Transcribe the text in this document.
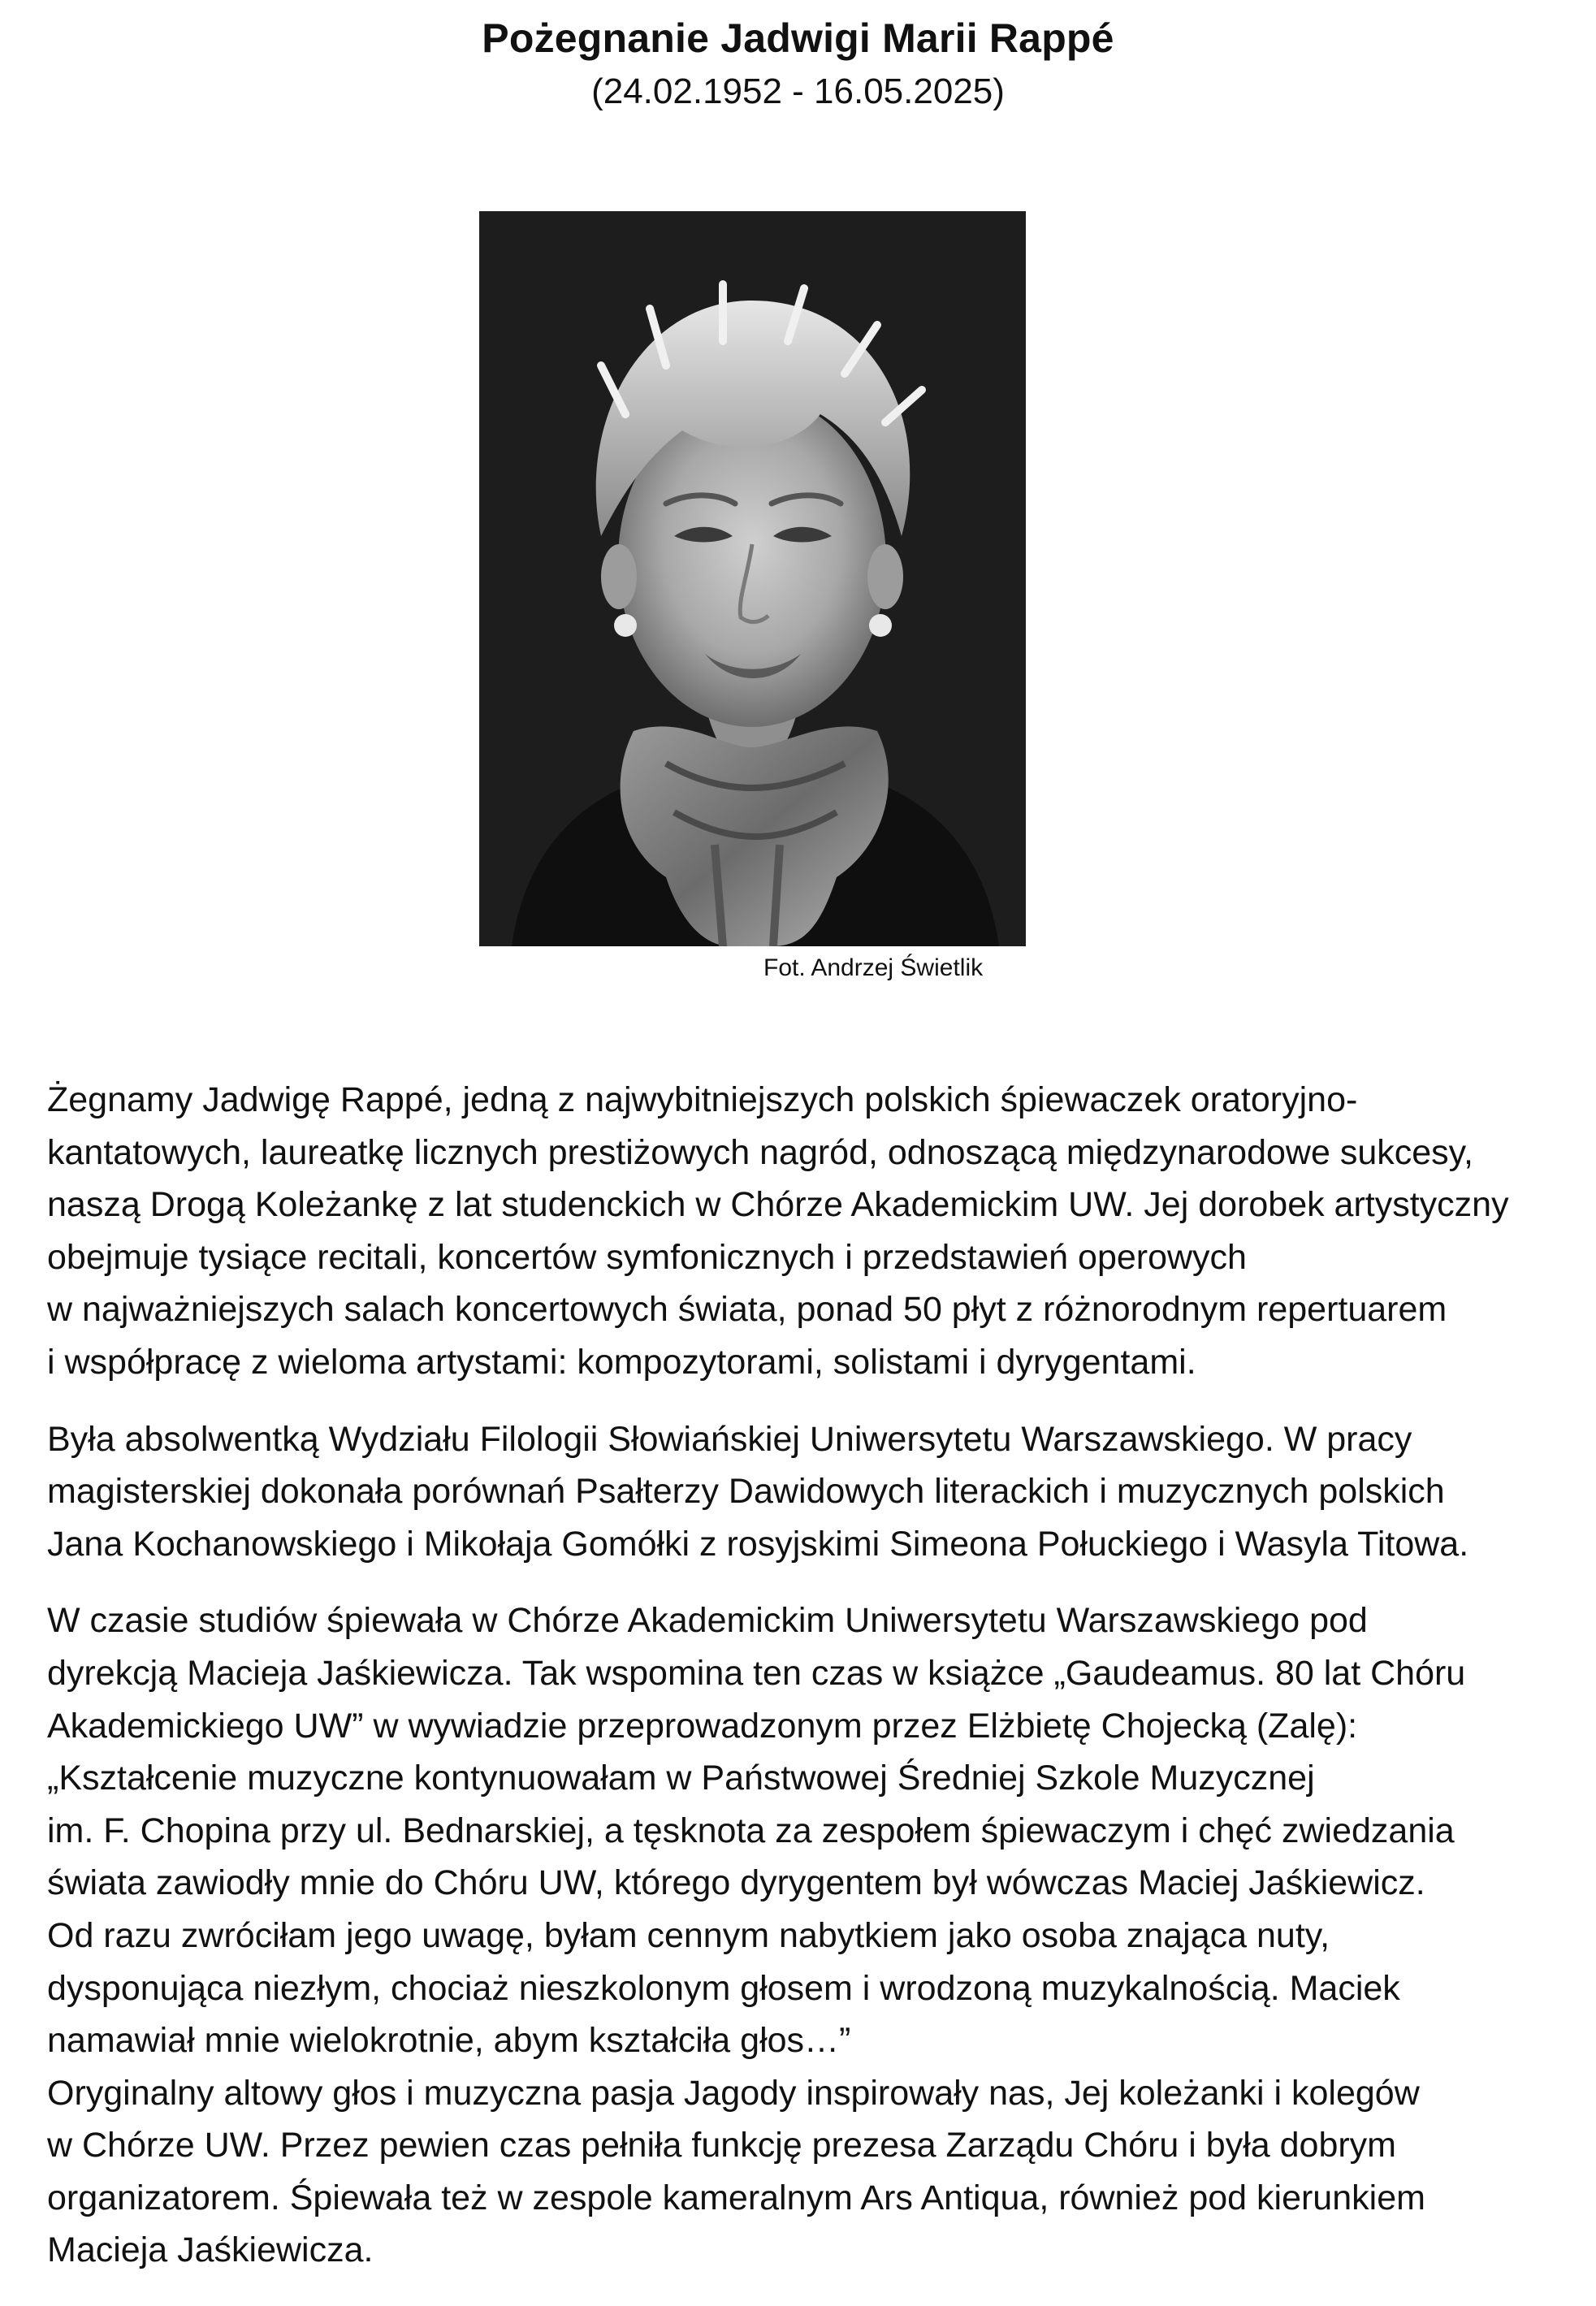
Pożegnanie Jadwigi Marii Rappé
(24.02.1952 - 16.05.2025)
Fot. Andrzej Świetlik

Żegnamy Jadwigę Rappé, jedną z najwybitniejszych polskich śpiewaczek oratoryjno-
kantatowych, laureatkę licznych prestiżowych nagród, odnoszącą międzynarodowe sukcesy,
naszą Drogą Koleżankę z lat studenckich w Chórze Akademickim UW. Jej dorobek artystyczny
obejmuje tysiące recitali, koncertów symfonicznych i przedstawień operowych
w najważniejszych salach koncertowych świata, ponad 50 płyt z różnorodnym repertuarem
i współpracę z wieloma artystami: kompozytorami, solistami i dyrygentami.

Była absolwentką Wydziału Filologii Słowiańskiej Uniwersytetu Warszawskiego. W pracy
magisterskiej dokonała porównań Psałterzy Dawidowych literackich i muzycznych polskich
Jana Kochanowskiego i Mikołaja Gomółki z rosyjskimi Simeona Połuckiego i Wasyla Titowa.

W czasie studiów śpiewała w Chórze Akademickim Uniwersytetu Warszawskiego pod
dyrekcją Macieja Jaśkiewicza. Tak wspomina ten czas w książce „Gaudeamus. 80 lat Chóru
Akademickiego UW” w wywiadzie przeprowadzonym przez Elżbietę Chojecką (Zalę):
„Kształcenie muzyczne kontynuowałam w Państwowej Średniej Szkole Muzycznej
im. F. Chopina przy ul. Bednarskiej, a tęsknota za zespołem śpiewaczym i chęć zwiedzania
świata zawiodły mnie do Chóru UW, którego dyrygentem był wówczas Maciej Jaśkiewicz.
Od razu zwróciłam jego uwagę, byłam cennym nabytkiem jako osoba znająca nuty,
dysponująca niezłym, chociaż nieszkolonym głosem i wrodzoną muzykalnością. Maciek
namawiał mnie wielokrotnie, abym kształciła głos…”
Oryginalny altowy głos i muzyczna pasja Jagody inspirowały nas, Jej koleżanki i kolegów
w Chórze UW. Przez pewien czas pełniła funkcję prezesa Zarządu Chóru i była dobrym
organizatorem. Śpiewała też w zespole kameralnym Ars Antiqua, również pod kierunkiem
Macieja Jaśkiewicza.
